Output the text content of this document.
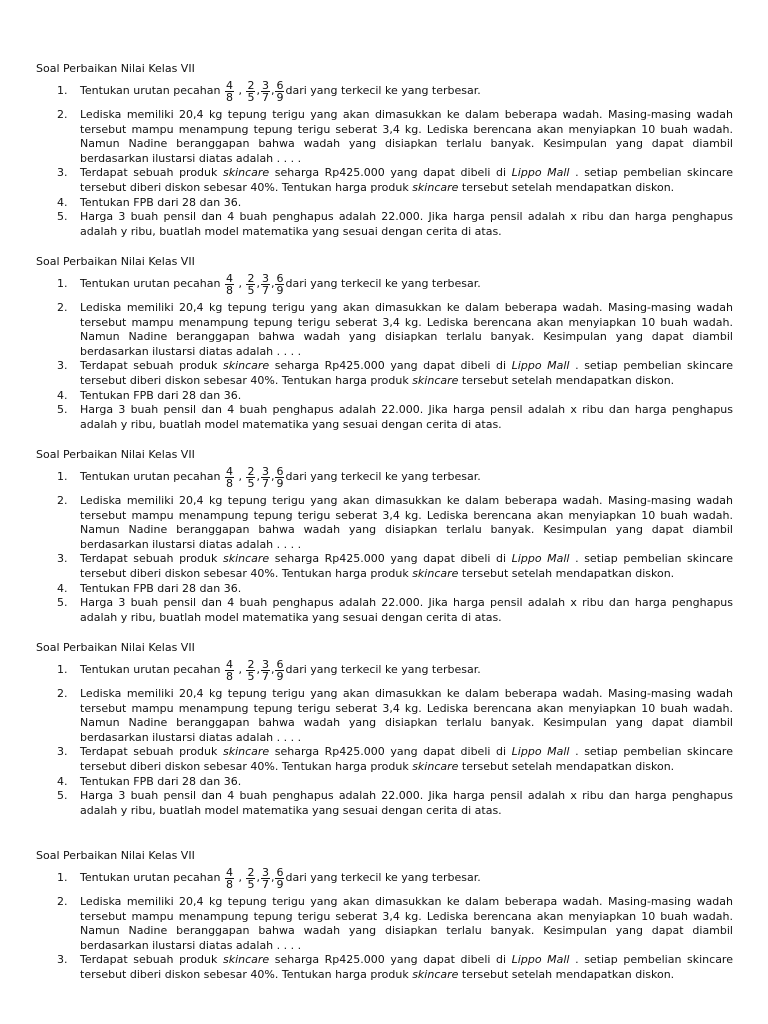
Soal Perbaikan Nilai Kelas VII
1. Tentukan urutan pecahan $\frac{4}{8}$ , $\frac{2}{5}$ , $\frac{3}{7}$ , $\frac{6}{9}$ dari yang terkecil ke yang terbesar.
2. Lediska memiliki 20,4 kg tepung terigu yang akan dimasukkan ke dalam beberapa wadah. Masing-masing wadah tersebut mampu menampung tepung terigu seberat 3,4 kg. Lediska berencana akan menyiapkan 10 buah wadah. Namun Nadine beranggapan bahwa wadah yang disiapkan terlalu banyak. Kesimpulan yang dapat diambil berdasarkan ilustarsi diatas adalah . . . .
3. Terdapat sebuah produk skincare seharga Rp425.000 yang dapat dibeli di Lippo Mall . setiap pembelian skincare tersebut diberi diskon sebesar 40%. Tentukan harga produk skincare tersebut setelah mendapatkan diskon.
4. Tentukan FPB dari 28 dan 36.
5. Harga 3 buah pensil dan 4 buah penghapus adalah 22.000. Jika harga pensil adalah x ribu dan harga penghapus adalah y ribu, buatlah model matematika yang sesuai dengan cerita di atas.
Soal Perbaikan Nilai Kelas VII
1. Tentukan urutan pecahan $\frac{4}{8}$ , $\frac{2}{5}$ , $\frac{3}{7}$ , $\frac{6}{9}$ dari yang terkecil ke yang terbesar.
2. Lediska memiliki 20,4 kg tepung terigu yang akan dimasukkan ke dalam beberapa wadah. Masing-masing wadah tersebut mampu menampung tepung terigu seberat 3,4 kg. Lediska berencana akan menyiapkan 10 buah wadah. Namun Nadine beranggapan bahwa wadah yang disiapkan terlalu banyak. Kesimpulan yang dapat diambil berdasarkan ilustarsi diatas adalah . . . .
3. Terdapat sebuah produk skincare seharga Rp425.000 yang dapat dibeli di Lippo Mall . setiap pembelian skincare tersebut diberi diskon sebesar 40%. Tentukan harga produk skincare tersebut setelah mendapatkan diskon.
4. Tentukan FPB dari 28 dan 36.
5. Harga 3 buah pensil dan 4 buah penghapus adalah 22.000. Jika harga pensil adalah x ribu dan harga penghapus adalah y ribu, buatlah model matematika yang sesuai dengan cerita di atas.
Soal Perbaikan Nilai Kelas VII
1. Tentukan urutan pecahan $\frac{4}{8}$ , $\frac{2}{5}$ , $\frac{3}{7}$ , $\frac{6}{9}$ dari yang terkecil ke yang terbesar.
2. Lediska memiliki 20,4 kg tepung terigu yang akan dimasukkan ke dalam beberapa wadah. Masing-masing wadah tersebut mampu menampung tepung terigu seberat 3,4 kg. Lediska berencana akan menyiapkan 10 buah wadah. Namun Nadine beranggapan bahwa wadah yang disiapkan terlalu banyak. Kesimpulan yang dapat diambil berdasarkan ilustarsi diatas adalah . . . .
3. Terdapat sebuah produk skincare seharga Rp425.000 yang dapat dibeli di Lippo Mall . setiap pembelian skincare tersebut diberi diskon sebesar 40%. Tentukan harga produk skincare tersebut setelah mendapatkan diskon.
4. Tentukan FPB dari 28 dan 36.
5. Harga 3 buah pensil dan 4 buah penghapus adalah 22.000. Jika harga pensil adalah x ribu dan harga penghapus adalah y ribu, buatlah model matematika yang sesuai dengan cerita di atas.
Soal Perbaikan Nilai Kelas VII
1. Tentukan urutan pecahan $\frac{4}{8}$ , $\frac{2}{5}$ , $\frac{3}{7}$ , $\frac{6}{9}$ dari yang terkecil ke yang terbesar.
2. Lediska memiliki 20,4 kg tepung terigu yang akan dimasukkan ke dalam beberapa wadah. Masing-masing wadah tersebut mampu menampung tepung terigu seberat 3,4 kg. Lediska berencana akan menyiapkan 10 buah wadah. Namun Nadine beranggapan bahwa wadah yang disiapkan terlalu banyak. Kesimpulan yang dapat diambil berdasarkan ilustarsi diatas adalah . . . .
3. Terdapat sebuah produk skincare seharga Rp425.000 yang dapat dibeli di Lippo Mall . setiap pembelian skincare tersebut diberi diskon sebesar 40%. Tentukan harga produk skincare tersebut setelah mendapatkan diskon.
4. Tentukan FPB dari 28 dan 36.
5. Harga 3 buah pensil dan 4 buah penghapus adalah 22.000. Jika harga pensil adalah x ribu dan harga penghapus adalah y ribu, buatlah model matematika yang sesuai dengan cerita di atas.
Soal Perbaikan Nilai Kelas VII
1. Tentukan urutan pecahan $\frac{4}{8}$ , $\frac{2}{5}$ , $\frac{3}{7}$ , $\frac{6}{9}$ dari yang terkecil ke yang terbesar.
2. Lediska memiliki 20,4 kg tepung terigu yang akan dimasukkan ke dalam beberapa wadah. Masing-masing wadah tersebut mampu menampung tepung terigu seberat 3,4 kg. Lediska berencana akan menyiapkan 10 buah wadah. Namun Nadine beranggapan bahwa wadah yang disiapkan terlalu banyak. Kesimpulan yang dapat diambil berdasarkan ilustarsi diatas adalah . . . .
3. Terdapat sebuah produk skincare seharga Rp425.000 yang dapat dibeli di Lippo Mall . setiap pembelian skincare tersebut diberi diskon sebesar 40%. Tentukan harga produk skincare tersebut setelah mendapatkan diskon.
